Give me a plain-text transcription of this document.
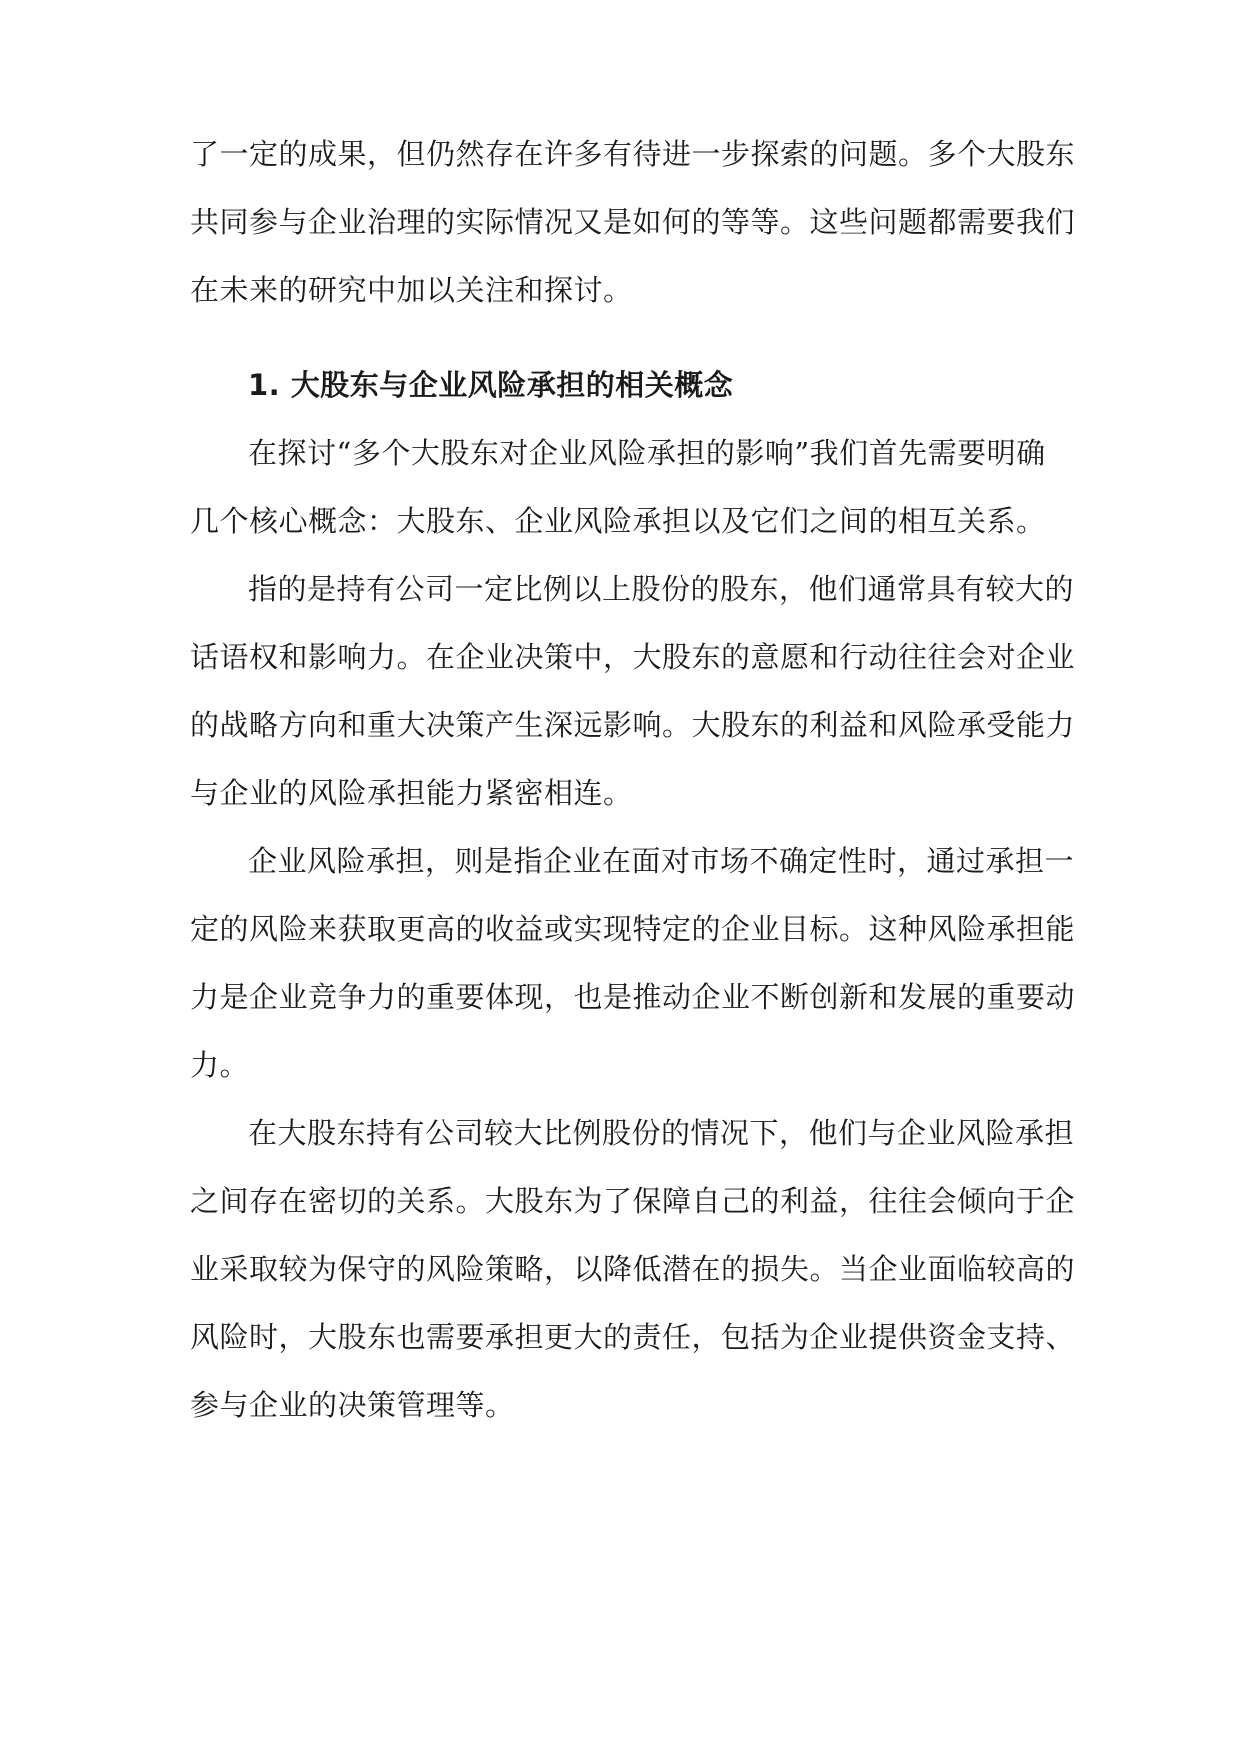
了一定的成果，但仍然存在许多有待进一步探索的问题。多个大股东
共同参与企业治理的实际情况又是如何的等等。这些问题都需要我们
在未来的研究中加以关注和探讨。
1. 大股东与企业风险承担的相关概念
在探讨“多个大股东对企业风险承担的影响”我们首先需要明确
几个核心概念：大股东、企业风险承担以及它们之间的相互关系。
指的是持有公司一定比例以上股份的股东，他们通常具有较大的
话语权和影响力。在企业决策中，大股东的意愿和行动往往会对企业
的战略方向和重大决策产生深远影响。大股东的利益和风险承受能力
与企业的风险承担能力紧密相连。
企业风险承担，则是指企业在面对市场不确定性时，通过承担一
定的风险来获取更高的收益或实现特定的企业目标。这种风险承担能
力是企业竞争力的重要体现，也是推动企业不断创新和发展的重要动
力。
在大股东持有公司较大比例股份的情况下，他们与企业风险承担
之间存在密切的关系。大股东为了保障自己的利益，往往会倾向于企
业采取较为保守的风险策略，以降低潜在的损失。当企业面临较高的
风险时，大股东也需要承担更大的责任，包括为企业提供资金支持、
参与企业的决策管理等。
